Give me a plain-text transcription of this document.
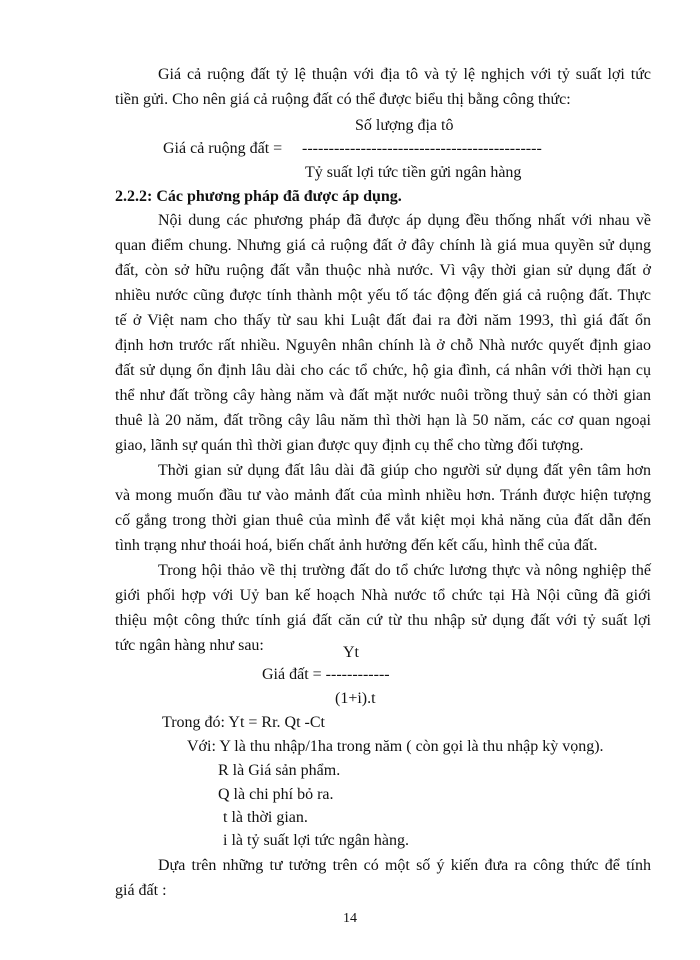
Giá cả ruộng đất tỷ lệ thuận với địa tô và tỷ lệ nghịch với tỷ suất lợi tức
tiền gửi. Cho nên giá cả ruộng đất có thể được biểu thị bằng công thức:
Số lượng địa tô
Giá cả ruộng đất = ---------------------------------------------
Tỷ suất lợi tức tiền gửi ngân hàng
2.2.2: Các phương pháp đã được áp dụng.
Nội dung các phương pháp đã được áp dụng đều thống nhất với nhau về
quan điểm chung. Nhưng giá cả ruộng đất ở đây chính là giá mua quyền sử dụng
đất, còn sở hữu ruộng đất vẫn thuộc nhà nước. Vì vậy thời gian sử dụng đất ở
nhiều nước cũng được tính thành một yếu tố tác động đến giá cả ruộng đất. Thực
tế ở Việt nam cho thấy từ sau khi Luật đất đai ra đời năm 1993, thì giá đất ổn
định hơn trước rất nhiều. Nguyên nhân chính là ở chỗ Nhà nước quyết định giao
đất sử dụng ổn định lâu dài cho các tổ chức, hộ gia đình, cá nhân với thời hạn cụ
thể như đất trồng cây hàng năm và đất mặt nước nuôi trồng thuỷ sản có thời gian
thuê là 20 năm, đất trồng cây lâu năm thì thời hạn là 50 năm, các cơ quan ngoại
giao, lãnh sự quán thì thời gian được quy định cụ thể cho từng đối tượng.
Thời gian sử dụng đất lâu dài đã giúp cho người sử dụng đất yên tâm hơn
và mong muốn đầu tư vào mảnh đất của mình nhiều hơn. Tránh được hiện tượng
cố gắng trong thời gian thuê của mình để vắt kiệt mọi khả năng của đất dẫn đến
tình trạng như thoái hoá, biến chất ảnh hưởng đến kết cấu, hình thể của đất.
Trong hội thảo về thị trường đất do tổ chức lương thực và nông nghiệp thế
giới phối hợp với Uỷ ban kế hoạch Nhà nước tổ chức tại Hà Nội cũng đã giới
thiệu một công thức tính giá đất căn cứ từ thu nhập sử dụng đất với tỷ suất lợi
tức ngân hàng như sau:	Yt
Giá đất = ------------
(1+i).t
Trong đó: Yt = Rr. Qt -Ct
Với: Y là thu nhập/1ha trong năm ( còn gọi là thu nhập kỳ vọng).
R là Giá sản phẩm.
Q là chi phí bỏ ra.
t là thời gian.
i là tỷ suất lợi tức ngân hàng.
Dựa trên những tư tưởng trên có một số ý kiến đưa ra công thức để tính
giá đất :
14
